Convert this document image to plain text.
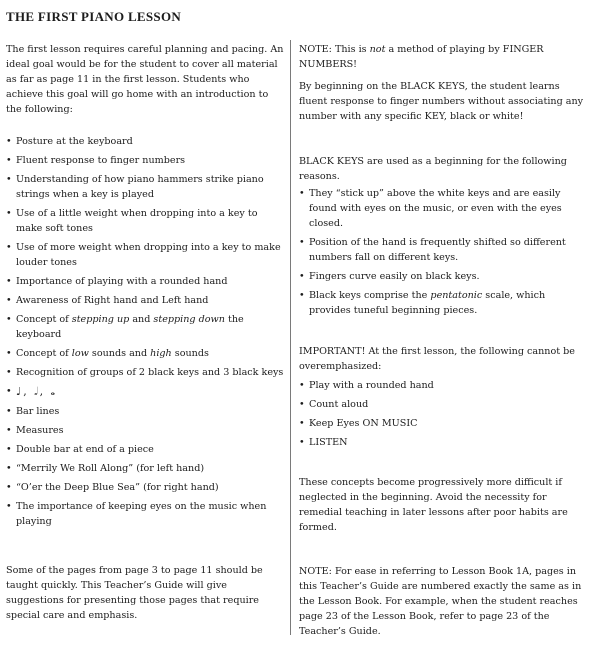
THE FIRST PIANO LESSON

The first lesson requires careful planning and pacing. An ideal goal would be for the student to cover all material as far as page 11 in the first lesson. Students who achieve this goal will go home with an introduction to the following:

• Posture at the keyboard
• Fluent response to finger numbers
• Understanding of how piano hammers strike piano strings when a key is played
• Use of a little weight when dropping into a key to make soft tones
• Use of more weight when dropping into a key to make louder tones
• Importance of playing with a rounded hand
• Awareness of Right hand and Left hand
• Concept of stepping up and stepping down the keyboard
• Concept of low sounds and high sounds
• Recognition of groups of 2 black keys and 3 black keys
• ♩, 𝅗𝅥, 𝅝
• Bar lines
• Measures
• Double bar at end of a piece
• “Merrily We Roll Along” (for left hand)
• “O’er the Deep Blue Sea” (for right hand)
• The importance of keeping eyes on the music when playing

Some of the pages from page 3 to page 11 should be taught quickly. This Teacher’s Guide will give suggestions for presenting those pages that require special care and emphasis.

NOTE: This is not a method of playing by FINGER NUMBERS!

By beginning on the BLACK KEYS, the student learns fluent response to finger numbers without associating any number with any specific KEY, black or white!

BLACK KEYS are used as a beginning for the following reasons.

• They “stick up” above the white keys and are easily found with eyes on the music, or even with the eyes closed.
• Position of the hand is frequently shifted so different numbers fall on different keys.
• Fingers curve easily on black keys.
• Black keys comprise the pentatonic scale, which provides tuneful beginning pieces.

IMPORTANT! At the first lesson, the following cannot be overemphasized:

• Play with a rounded hand
• Count aloud
• Keep Eyes ON MUSIC
• LISTEN

These concepts become progressively more difficult if neglected in the beginning. Avoid the necessity for remedial teaching in later lessons after poor habits are formed.

NOTE: For ease in referring to Lesson Book 1A, pages in this Teacher’s Guide are numbered exactly the same as in the Lesson Book. For example, when the student reaches page 23 of the Lesson Book, refer to page 23 of the Teacher’s Guide.
